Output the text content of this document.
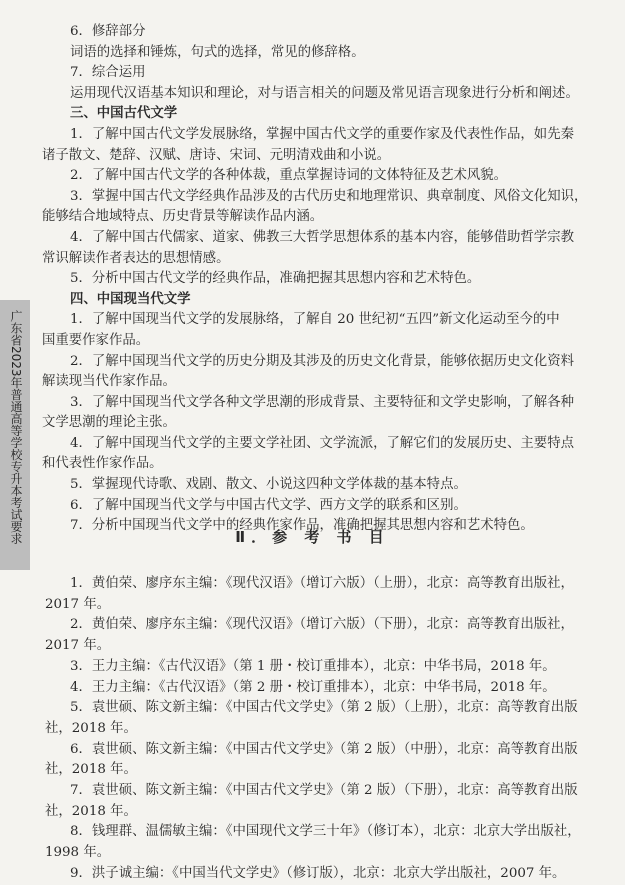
广东省2023年普通高等学校专升本考试要求
6．修辞部分
词语的选择和锤炼，句式的选择，常见的修辞格。
7．综合运用
运用现代汉语基本知识和理论，对与语言相关的问题及常见语言现象进行分析和阐述。
三、中国古代文学
1．了解中国古代文学发展脉络，掌握中国古代文学的重要作家及代表性作品，如先秦
诸子散文、楚辞、汉赋、唐诗、宋词、元明清戏曲和小说。
2．了解中国古代文学的各种体裁，重点掌握诗词的文体特征及艺术风貌。
3．掌握中国古代文学经典作品涉及的古代历史和地理常识、典章制度、风俗文化知识，
能够结合地域特点、历史背景等解读作品内涵。
4．了解中国古代儒家、道家、佛教三大哲学思想体系的基本内容，能够借助哲学宗教
常识解读作者表达的思想情感。
5．分析中国古代文学的经典作品，准确把握其思想内容和艺术特色。
四、中国现当代文学
1．了解中国现当代文学的发展脉络，了解自 20 世纪初“五四”新文化运动至今的中
国重要作家作品。
2．了解中国现当代文学的历史分期及其涉及的历史文化背景，能够依据历史文化资料
解读现当代作家作品。
3．了解中国现当代文学各种文学思潮的形成背景、主要特征和文学史影响，了解各种
文学思潮的理论主张。
4．了解中国现当代文学的主要文学社团、文学流派，了解它们的发展历史、主要特点
和代表性作家作品。
5．掌握现代诗歌、戏剧、散文、小说这四种文学体裁的基本特点。
6．了解中国现当代文学与中国古代文学、西方文学的联系和区别。
7．分析中国现当代文学中的经典作家作品，准确把握其思想内容和艺术特色。
Ⅱ．参 考 书 目
1．黄伯荣、廖序东主编：《现代汉语》（增订六版）（上册），北京：高等教育出版社，
2017 年。
2．黄伯荣、廖序东主编：《现代汉语》（增订六版）（下册），北京：高等教育出版社，
2017 年。
3．王力主编：《古代汉语》（第 1 册・校订重排本），北京：中华书局，2018 年。
4．王力主编：《古代汉语》（第 2 册・校订重排本），北京：中华书局，2018 年。
5．袁世硕、陈文新主编：《中国古代文学史》（第 2 版）（上册），北京：高等教育出版
社，2018 年。
6．袁世硕、陈文新主编：《中国古代文学史》（第 2 版）（中册），北京：高等教育出版
社，2018 年。
7．袁世硕、陈文新主编：《中国古代文学史》（第 2 版）（下册），北京：高等教育出版
社，2018 年。
8．钱理群、温儒敏主编：《中国现代文学三十年》（修订本），北京：北京大学出版社，
1998 年。
9．洪子诚主编：《中国当代文学史》（修订版），北京：北京大学出版社，2007 年。
